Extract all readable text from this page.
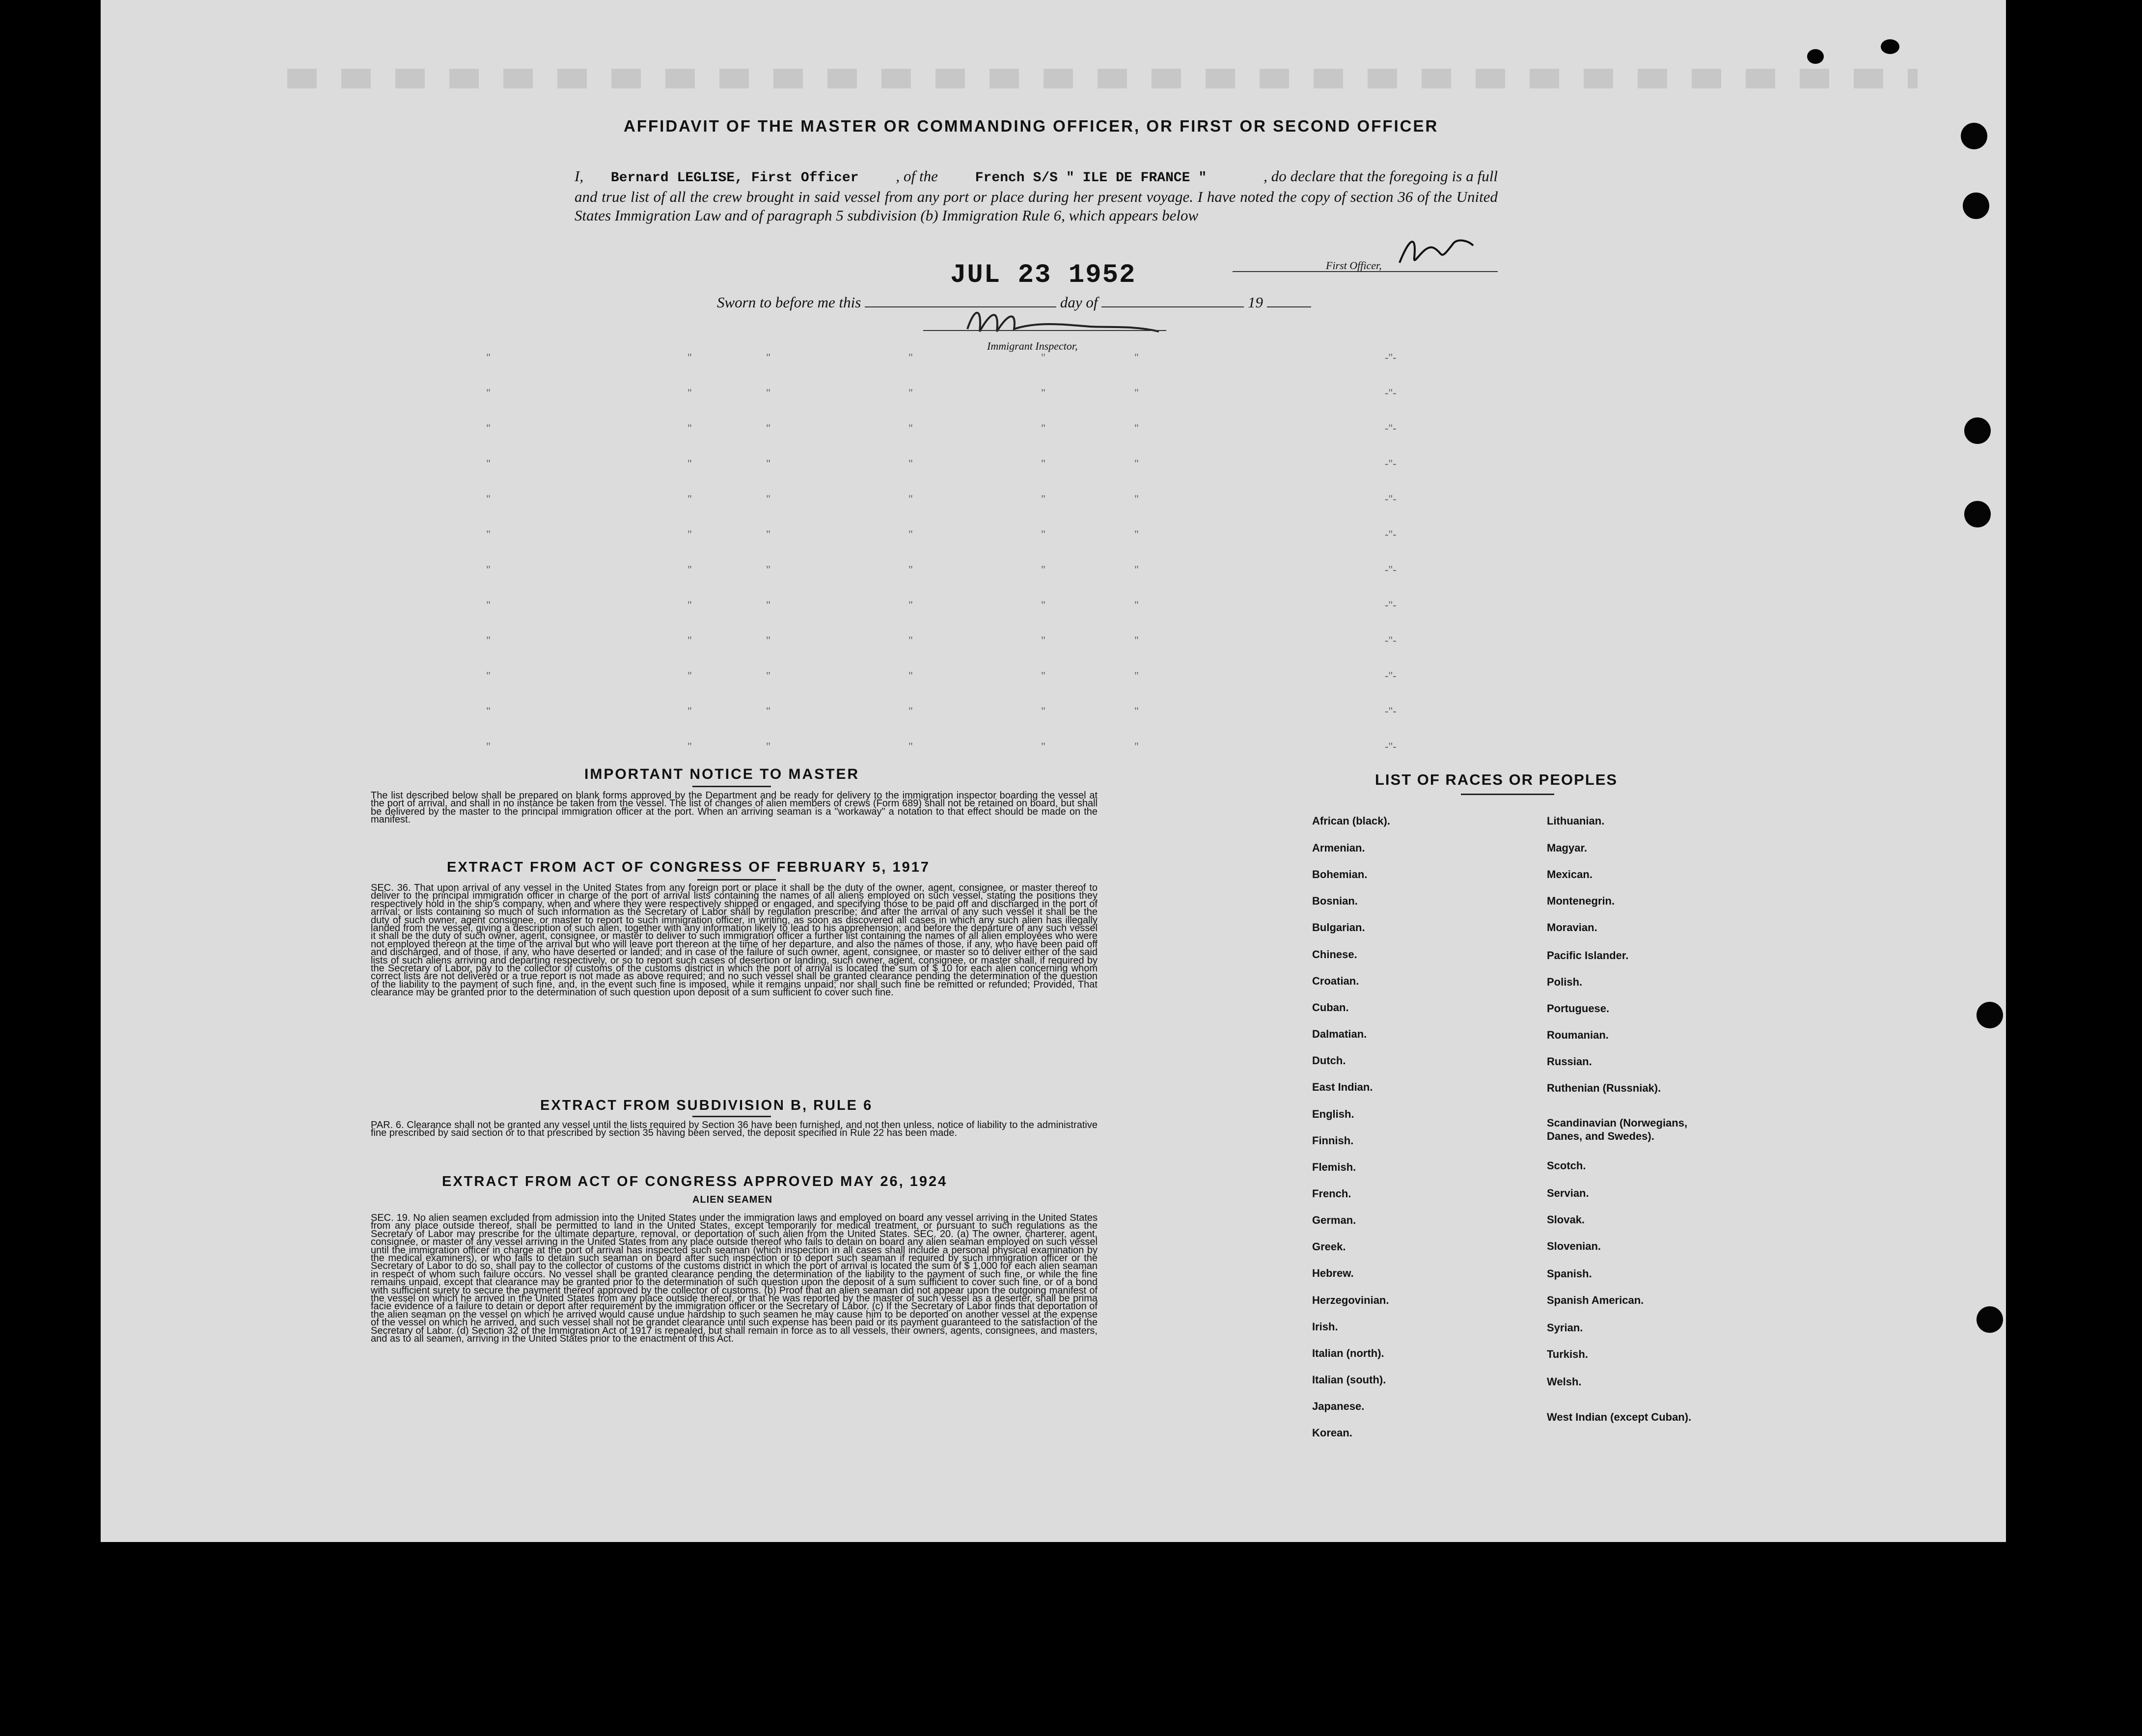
AFFIDAVIT OF THE MASTER OR COMMANDING OFFICER, OR FIRST OR SECOND OFFICER
I, Bernard LEGLISE, First Officer , of the	French S/S " ILE DE FRANCE "	, do declare that the foregoing is a full and true list of all the crew brought in said vessel from any port or place during her present voyage. I have noted the copy of section 36 of the United States Immigration Law and of paragraph 5 subdivision (b) Immigration Rule 6, which appears below
First Officer,
JUL 23 1952
Sworn to before me this	day of	19
Immigrant Inspector,
"	"	"	"	"	"	-"-
"	"	"	"	"	"	-"-
"	"	"	"	"	"	-"-
"	"	"	"	"	"	-"-
"	"	"	"	"	"	-"-
"	"	"	"	"	"	-"-
"	"	"	"	"	"	-"-
"	"	"	"	"	"	-"-
"	"	"	"	"	"	-"-
"	"	"	"	"	"	-"-
"	"	"	"	"	"	-"-
"	"	"	"	"	"	-"-
IMPORTANT NOTICE TO MASTER
The list described below shall be prepared on blank forms approved by the Department and be ready for delivery to the immigration inspector boarding the vessel at the port of arrival, and shall in no instance be taken from the vessel. The list of changes of alien members of crews (Form 689) shall not be retained on board, but shall be delivered by the master to the principal immigration officer at the port. When an arriving seaman is a "workaway" a notation to that effect should be made on the manifest.
EXTRACT FROM ACT OF CONGRESS OF FEBRUARY 5, 1917
SEC. 36. That upon arrival of any vessel in the United States from any foreign port or place it shall be the duty of the owner, agent, consignee, or master thereof to deliver to the principal immigration officer in charge of the port of arrival lists containing the names of all aliens employed on such vessel, stating the positions they respectively hold in the ship's company, when and where they were respectively shipped or engaged, and specifying those to be paid off and discharged in the port of arrival; or lists containing so much of such information as the Secretary of Labor shall by regulation prescribe; and after the arrival of any such vessel it shall be the duty of such owner, agent consignee, or master to report to such immigration officer, in writing, as soon as discovered all cases in which any such alien has illegally landed from the vessel, giving a description of such alien, together with any information likely to lead to his apprehension; and before the departure of any such vessel it shall be the duty of such owner, agent, consignee, or master to deliver to such immigration officer a further list containing the names of all alien employees who were not employed thereon at the time of the arrival but who will leave port thereon at the time of her departure, and also the names of those, if any, who have been paid off and discharged, and of those, if any, who have deserted or landed; and in case of the failure of such owner, agent, consignee, or master so to deliver either of the said lists of such aliens arriving and departing respectively, or so to report such cases of desertion or landing, such owner, agent, consignee, or master shall, if required by the Secretary of Labor, pay to the collector of customs of the customs district in which the port of arrival is located the sum of $ 10 for each alien concerning whom correct lists are not delivered or a true report is not made as above required; and no such vessel shall be granted clearance pending the determination of the question of the liability to the payment of such fine, and, in the event such fine is imposed, while it remains unpaid; nor shall such fine be remitted or refunded; Provided, That clearance may be granted prior to the determination of such question upon deposit of a sum sufficient to cover such fine.
EXTRACT FROM SUBDIVISION B, RULE 6
PAR. 6. Clearance shall not be granted any vessel until the lists required by Section 36 have been furnished, and not then unless, notice of liability to the administrative fine prescribed by said section or to that prescribed by section 35 having been served, the deposit specified in Rule 22 has been made.
EXTRACT FROM ACT OF CONGRESS APPROVED MAY 26, 1924
ALIEN SEAMEN
SEC. 19. No alien seamen excluded from admission into the United States under the immigration laws and employed on board any vessel arriving in the United States from any place outside thereof, shall be permitted to land in the United States, except temporarily for medical treatment, or pursuant to such regulations as the Secretary of Labor may prescribe for the ultimate departure, removal, or deportation of such alien from the United States. SEC. 20. (a) The owner, charterer, agent, consignee, or master of any vessel arriving in the United States from any place outside thereof who fails to detain on board any alien seaman employed on such vessel until the immigration officer in charge at the port of arrival has inspected such seaman (which inspection in all cases shall include a personal physical examination by the medical examiners), or who fails to detain such seaman on board after such inspection or to deport such seaman if required by such immigration officer or the Secretary of Labor to do so, shall pay to the collector of customs of the customs district in which the port of arrival is located the sum of $ 1,000 for each alien seaman in respect of whom such failure occurs. No vessel shall be granted clearance pending the determination of the liability to the payment of such fine, or while the fine remains unpaid, except that clearance may be granted prior to the determination of such question upon the deposit of a sum sufficient to cover such fine, or of a bond with sufficient surety to secure the payment thereof approved by the collector of customs. (b) Proof that an alien seaman did not appear upon the outgoing manifest of the vessel on which he arrived in the United States from any place outside thereof, or that he was reported by the master of such vessel as a deserter, shall be prima facie evidence of a failure to detain or deport after requirement by the immigration officer or the Secretary of Labor. (c) If the Secretary of Labor finds that deportation of the alien seaman on the vessel on which he arrived would cause undue hardship to such seamen he may cause him to be deported on another vessel at the expense of the vessel on which he arrived, and such vessel shall not be grandet clearance until such expense has been paid or its payment guaranteed to the satisfaction of the Secretary of Labor. (d) Section 32 of the Immigration Act of 1917 is repealed, but shall remain in force as to all vessels, their owners, agents, consignees, and masters, and as to all seamen, arriving in the United States prior to the enactment of this Act.
LIST OF RACES OR PEOPLES
African (black).
Armenian.
Bohemian.
Bosnian.
Bulgarian.
Chinese.
Croatian.
Cuban.
Dalmatian.
Dutch.
East Indian.
English.
Finnish.
Flemish.
French.
German.
Greek.
Hebrew.
Herzegovinian.
Irish.
Italian (north).
Italian (south).
Japanese.
Korean.
Lithuanian.
Magyar.
Mexican.
Montenegrin.
Moravian.
Pacific Islander.
Polish.
Portuguese.
Roumanian.
Russian.
Ruthenian (Russniak).
Scandinavian (Norwegians, Danes, and Swedes).
Scotch.
Servian.
Slovak.
Slovenian.
Spanish.
Spanish American.
Syrian.
Turkish.
Welsh.
West Indian (except Cuban).
